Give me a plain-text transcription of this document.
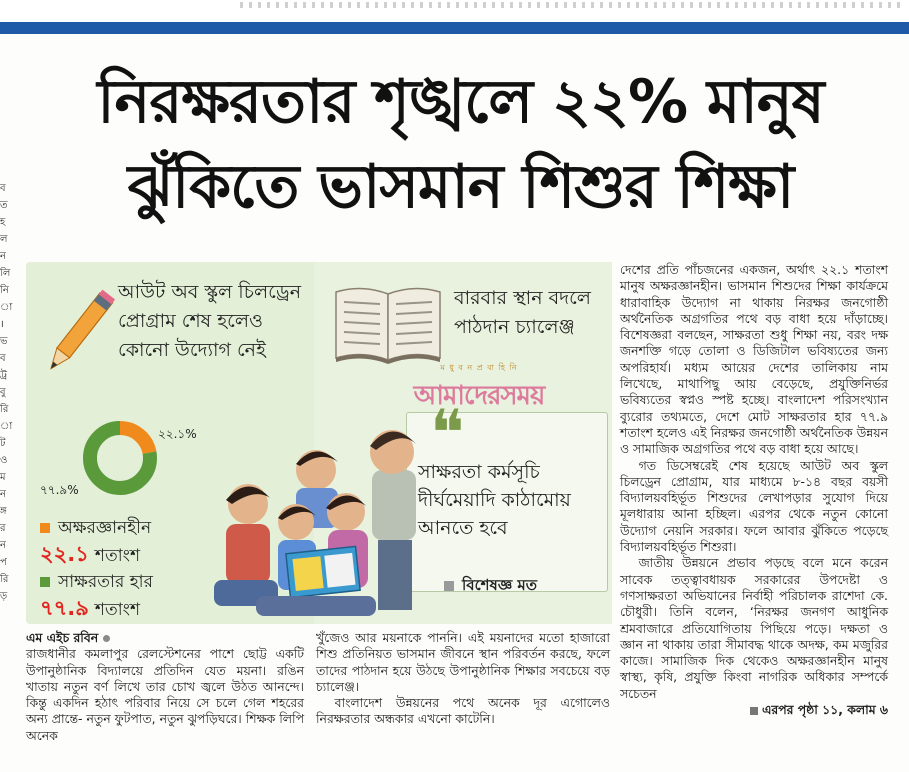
ব
ত
হ
ল
ন
লি
নি
া
।
ভ
ব
ট্র
বু
রি
া
ট
ও
ম
ন
ঙ্গ
র
ন
প
রি
ড়
নিরক্ষরতার শৃঙ্খলে ২২% মানুষ
ঝুঁকিতে ভাসমান শিশুর শিক্ষা
আউট অব স্কুল চিলড্রেন প্রোগ্রাম শেষ হলেও কোনো উদ্যোগ নেই
২২.১%
৭৭.৯%
অক্ষরজ্ঞানহীন
২২.১ শতাংশ
সাক্ষরতার হার
৭৭.৯ শতাংশ
বারবার স্থান বদলে পাঠদান চ্যালেঞ্জ
❝
সাক্ষরতা কর্মসূচি দীর্ঘমেয়াদি কাঠামোয় আনতে হবে
বিশেষজ্ঞ মত
ম ধু ব ন প্র বা হি নি
আমাদেরসময়

এম এইচ রবিন

রাজধানীর কমলাপুর রেলস্টেশনের পাশে ছোট্ট একটি উপানুষ্ঠানিক বিদ্যালয়ে প্রতিদিন যেত ময়না। রঙিন খাতায় নতুন বর্ণ লিখে তার চোখ জ্বলে উঠত আনন্দে। কিন্তু একদিন হঠাৎ পরিবার নিয়ে সে চলে গেল শহরের অন্য প্রান্তে- নতুন ফুটপাত, নতুন ঝুপড়িঘরে। শিক্ষক লিপি অনেক

খুঁজেও আর ময়নাকে পাননি। এই ময়নাদের মতো হাজারো শিশু প্রতিনিয়ত ভাসমান জীবনে স্থান পরিবর্তন করছে, ফলে তাদের পাঠদান হয়ে উঠছে উপানুষ্ঠানিক শিক্ষার সবচেয়ে বড় চ্যালেঞ্জ।

বাংলাদেশ উন্নয়নের পথে অনেক দূর এগোলেও নিরক্ষরতার অন্ধকার এখনো কাটেনি।

দেশের প্রতি পাঁচজনের একজন, অর্থাৎ ২২.১ শতাংশ মানুষ অক্ষরজ্ঞানহীন। ভাসমান শিশুদের শিক্ষা কার্যক্রমে ধারাবাহিক উদ্যোগ না থাকায় নিরক্ষর জনগোষ্ঠী অর্থনৈতিক অগ্রগতির পথে বড় বাধা হয়ে দাঁড়াচ্ছে। বিশেষজ্ঞরা বলছেন, সাক্ষরতা শুধু শিক্ষা নয়, বরং দক্ষ জনশক্তি গড়ে তোলা ও ডিজিটাল ভবিষ্যতের জন্য অপরিহার্য। মধ্যম আয়ের দেশের তালিকায় নাম লিখেছে, মাথাপিছু আয় বেড়েছে, প্রযুক্তিনির্ভর ভবিষ্যতের স্বপ্নও স্পষ্ট হচ্ছে। বাংলাদেশ পরিসংখ্যান ব্যুরোর তথ্যমতে, দেশে মোট সাক্ষরতার হার ৭৭.৯ শতাংশ হলেও এই নিরক্ষর জনগোষ্ঠী অর্থনৈতিক উন্নয়ন ও সামাজিক অগ্রগতির পথে বড় বাধা হয়ে আছে।

গত ডিসেম্বরেই শেষ হয়েছে আউট অব স্কুল চিলড্রেন প্রোগ্রাম, যার মাধ্যমে ৮-১৪ বছর বয়সী বিদ্যালয়বহির্ভূত শিশুদের লেখাপড়ার সুযোগ দিয়ে মূলধারায় আনা হচ্ছিল। এরপর থেকে নতুন কোনো উদ্যোগ নেয়নি সরকার। ফলে আবার ঝুঁকিতে পড়েছে বিদ্যালয়বহির্ভূত শিশুরা।

জাতীয় উন্নয়নে প্রভাব পড়ছে বলে মনে করেন সাবেক তত্ত্বাবধায়ক সরকারের উপদেষ্টা ও গণসাক্ষরতা অভিযানের নির্বাহী পরিচালক রাশেদা কে. চৌধুরী। তিনি বলেন, ‘নিরক্ষর জনগণ আধুনিক শ্রমবাজারে প্রতিযোগিতায় পিছিয়ে পড়ে। দক্ষতা ও জ্ঞান না থাকায় তারা সীমাবদ্ধ থাকে অদক্ষ, কম মজুরির কাজে। সামাজিক দিক থেকেও অক্ষরজ্ঞানহীন মানুষ স্বাস্থ্য, কৃষি, প্রযুক্তি কিংবা নাগরিক অধিকার সম্পর্কে সচেতন

এরপর পৃষ্ঠা ১১, কলাম ৬
